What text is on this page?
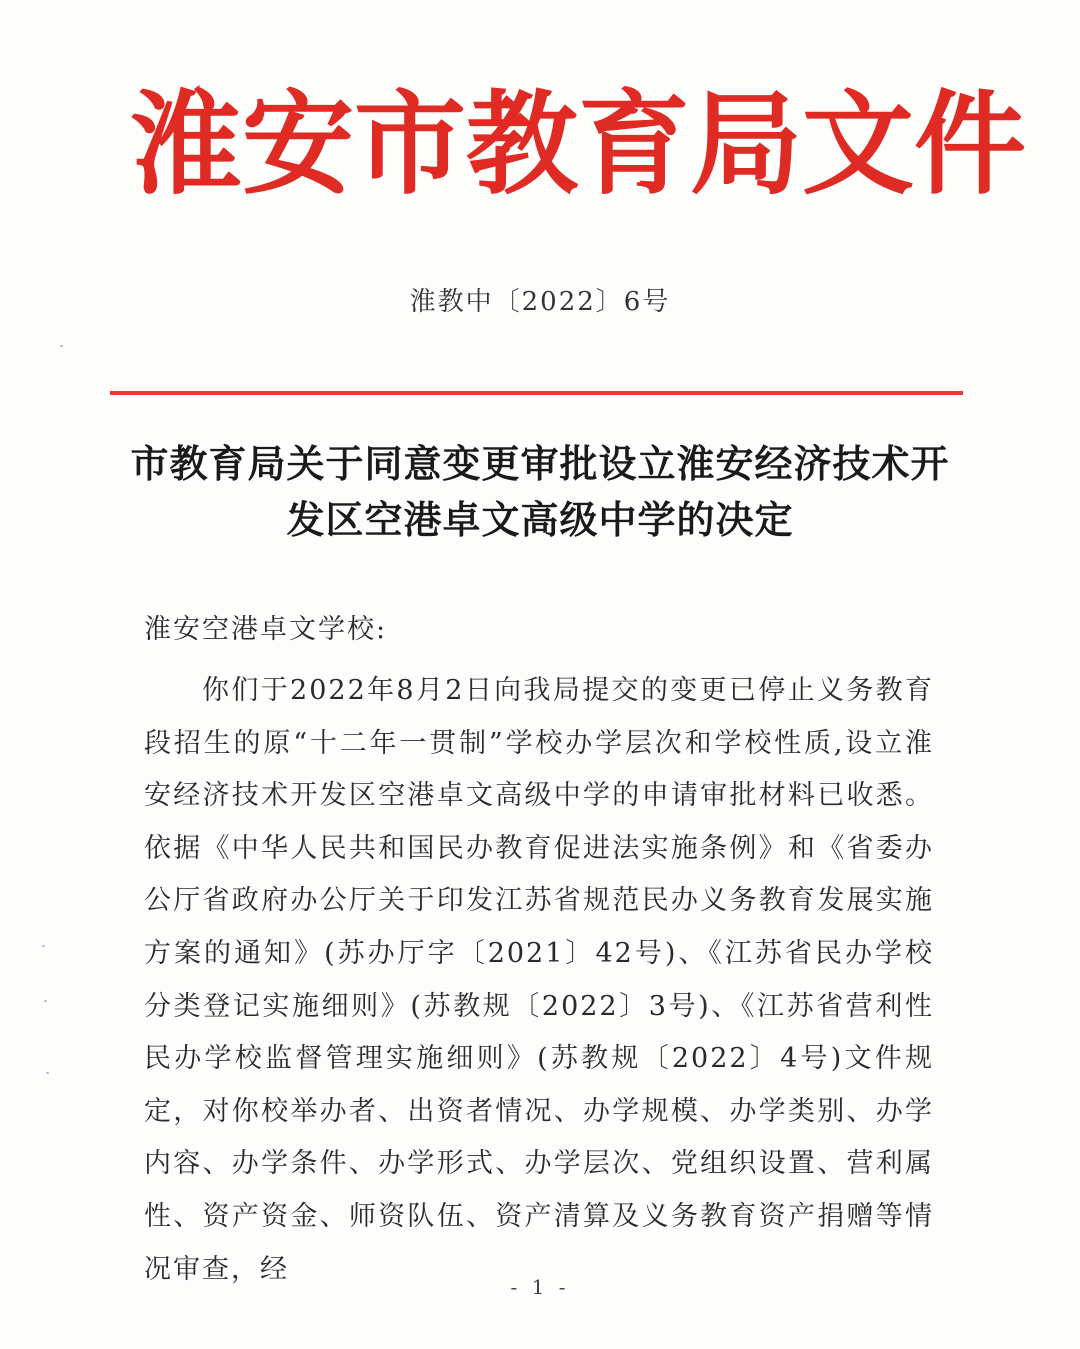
淮安市教育局文件
淮教中〔2022〕6号
市教育局关于同意变更审批设立淮安经济技术开发区空港卓文高级中学的决定
淮安空港卓文学校:

你们于2022年8月2日向我局提交的变更已停止义务教育段招生的原“十二年一贯制”学校办学层次和学校性质,设立淮安经济技术开发区空港卓文高级中学的申请审批材料已收悉。依据《中华人民共和国民办教育促进法实施条例》和《省委办公厅省政府办公厅关于印发江苏省规范民办义务教育发展实施方案的通知》(苏办厅字〔2021〕42号)、《江苏省民办学校分类登记实施细则》(苏教规〔2022〕3号)、《江苏省营利性民办学校监督管理实施细则》(苏教规〔2022〕4号)文件规定，对你校举办者、出资者情况、办学规模、办学类别、办学内容、办学条件、办学形式、办学层次、党组织设置、营利属性、资产资金、师资队伍、资产清算及义务教育资产捐赠等情况审查，经

- 1 -
